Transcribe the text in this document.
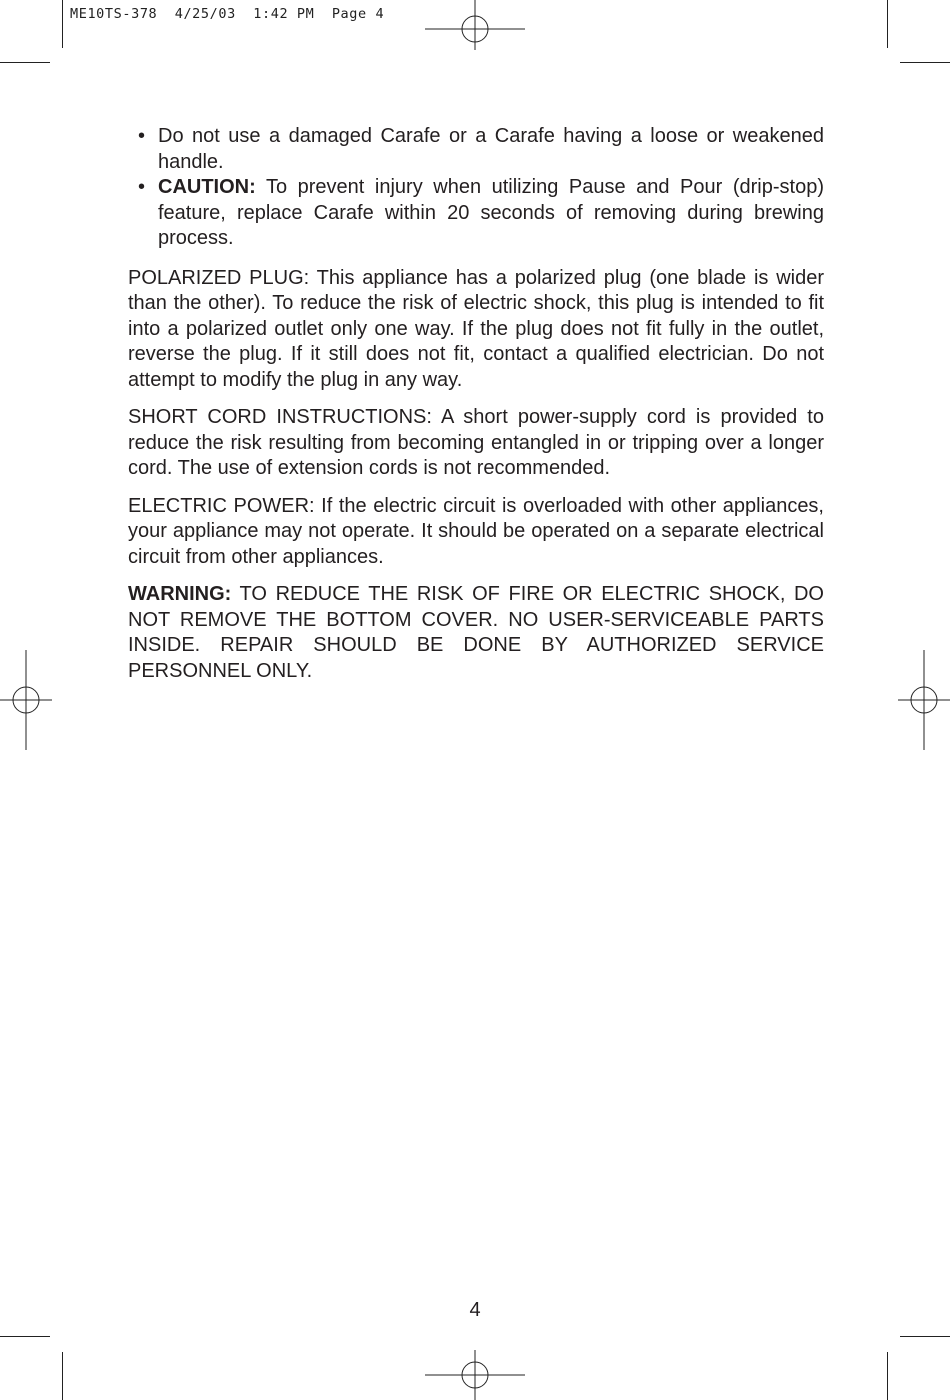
ME10TS-378  4/25/03  1:42 PM  Page 4
• Do not use a damaged Carafe or a Carafe having a loose or weakened handle.
• CAUTION: To prevent injury when utilizing Pause and Pour (drip-stop) feature, replace Carafe within 20 seconds of removing during brewing process.
POLARIZED PLUG: This appliance has a polarized plug (one blade is wider than the other). To reduce the risk of electric shock, this plug is intended to fit into a polarized outlet only one way. If the plug does not fit fully in the outlet, reverse the plug. If it still does not fit, contact a qualified electrician. Do not attempt to modify the plug in any way.
SHORT CORD INSTRUCTIONS: A short power-supply cord is provided to reduce the risk resulting from becoming entangled in or tripping over a longer cord. The use of extension cords is not recommended.
ELECTRIC POWER: If the electric circuit is overloaded with other appliances, your appliance may not operate. It should be operated on a separate electrical circuit from other appliances.
WARNING: TO REDUCE THE RISK OF FIRE OR ELECTRIC SHOCK, DO NOT REMOVE THE BOTTOM COVER. NO USER-SERVICEABLE PARTS INSIDE. REPAIR SHOULD BE DONE BY AUTHORIZED SERVICE PERSONNEL ONLY.
4
